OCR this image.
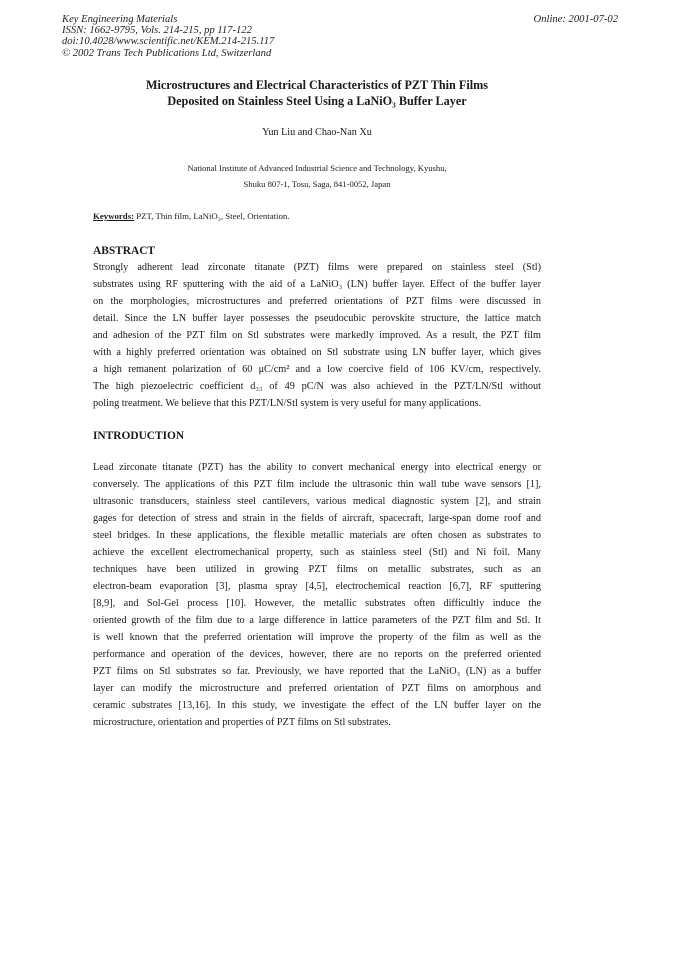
Key Engineering Materials
ISSN: 1662-9795, Vols. 214-215, pp 117-122
doi:10.4028/www.scientific.net/KEM.214-215.117
© 2002 Trans Tech Publications Ltd, Switzerland
Online: 2001-07-02
Microstructures and Electrical Characteristics of PZT Thin Films
Deposited on Stainless Steel Using a LaNiO₃ Buffer Layer
Yun Liu and Chao-Nan Xu
National Institute of Advanced Industrial Science and Technology, Kyushu,
Shuku 807-1, Tosu, Saga, 841-0052, Japan
Keywords: PZT, Thin film, LaNiO₃, Steel, Orientation.
ABSTRACT
Strongly adherent lead zirconate titanate (PZT) films were prepared on stainless steel (Stl)
substrates using RF sputtering with the aid of a LaNiO₃ (LN) buffer layer. Effect of the buffer layer
on the morphologies, microstructures and preferred orientations of PZT films were discussed in
detail. Since the LN buffer layer possesses the pseudocubic perovskite structure, the lattice match
and adhesion of the PZT film on Stl substrates were markedly improved. As a result, the PZT film
with a highly preferred orientation was obtained on Stl substrate using LN buffer layer, which gives
a high remanent polarization of 60 μC/cm² and a low coercive field of 106 KV/cm, respectively.
The high piezoelectric coefficient d₃₃ of 49 pC/N was also achieved in the PZT/LN/Stl without
poling treatment. We believe that this PZT/LN/Stl system is very useful for many applications.
INTRODUCTION
Lead zirconate titanate (PZT) has the ability to convert mechanical energy into electrical energy or
conversely. The applications of this PZT film include the ultrasonic thin wall tube wave sensors [1],
ultrasonic transducers, stainless steel cantilevers, various medical diagnostic system [2], and strain
gages for detection of stress and strain in the fields of aircraft, spacecraft, large-span dome roof and
steel bridges. In these applications, the flexible metallic materials are often chosen as substrates to
achieve the excellent electromechanical property, such as stainless steel (Stl) and Ni foil. Many
techniques have been utilized in growing PZT films on metallic substrates, such as an
electron-beam evaporation [3], plasma spray [4,5], electrochemical reaction [6,7], RF sputtering
[8,9], and Sol-Gel process [10]. However, the metallic substrates often difficultly induce the
oriented growth of the film due to a large difference in lattice parameters of the PZT film and Stl. It
is well known that the preferred orientation will improve the property of the film as well as the
performance and operation of the devices, however, there are no reports on the preferred oriented
PZT films on Stl substrates so far. Previously, we have reported that the LaNiO₃ (LN) as a buffer
layer can modify the microstructure and preferred orientation of PZT films on amorphous and
ceramic substrates [13,16]. In this study, we investigate the effect of the LN buffer layer on the
microstructure, orientation and properties of PZT films on Stl substrates.
